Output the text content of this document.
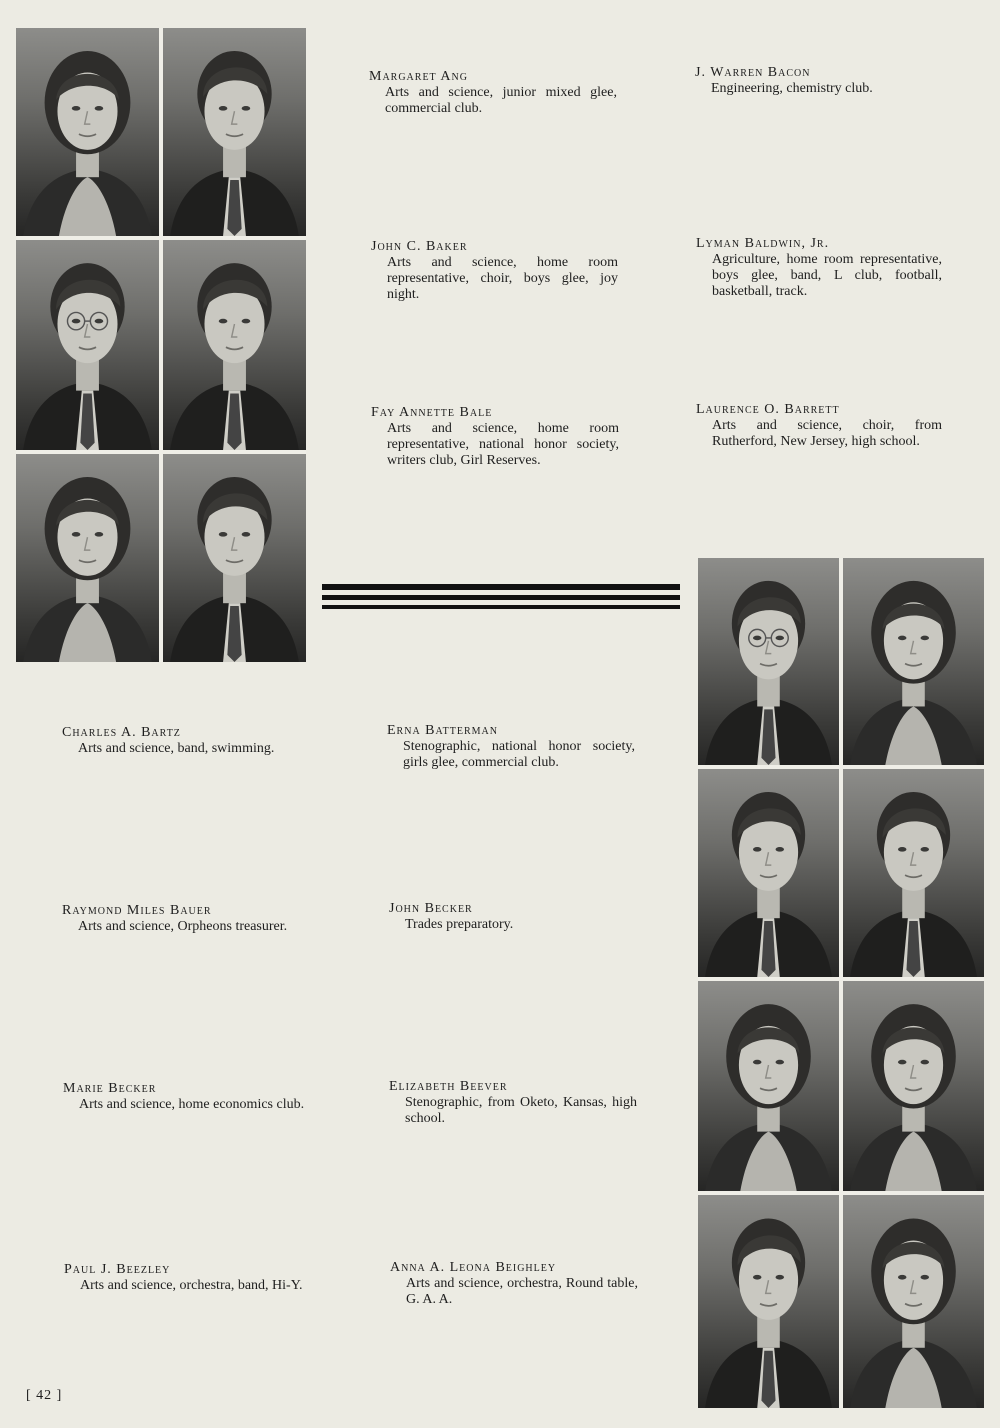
Margaret Ang
Arts and science, junior mixed glee, commercial club.
J. Warren Bacon
Engineering, chemistry club.
John C. Baker
Arts and science, home room representative, choir, boys glee, joy night.
Lyman Baldwin, Jr.
Agriculture, home room representative, boys glee, band, L club, football, basketball, track.
Fay Annette Bale
Arts and science, home room representative, national honor society, writers club, Girl Reserves.
Laurence O. Barrett
Arts and science, choir, from Rutherford, New Jersey, high school.
Charles A. Bartz
Arts and science, band, swimming.
Erna Batterman
Stenographic, national honor society, girls glee, commercial club.
Raymond Miles Bauer
Arts and science, Orpheons treasurer.
John Becker
Trades preparatory.
Marie Becker
Arts and science, home economics club.
Elizabeth Beever
Stenographic, from Oketo, Kansas, high school.
Paul J. Beezley
Arts and science, orchestra, band, Hi-Y.
Anna A. Leona Beighley
Arts and science, orchestra, Round table, G. A. A.
[ 42 ]
